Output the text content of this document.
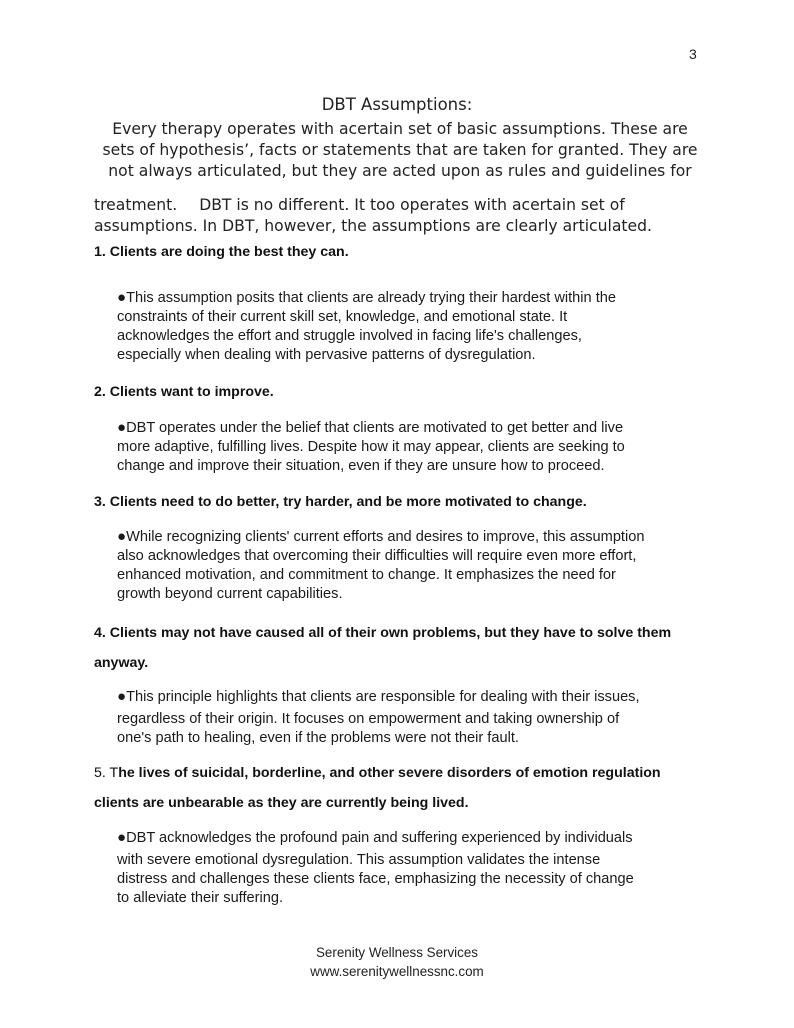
3
DBT Assumptions:
Every therapy operates with acertain set of basic assumptions. These are
sets of hypothesis’, facts or statements that are taken for granted. They are
not always articulated, but they are acted upon as rules and guidelines for
treatment. DBT is no different. It too operates with acertain set of
assumptions. In DBT, however, the assumptions are clearly articulated.
1. Clients are doing the best they can.

●This assumption posits that clients are already trying their hardest within the

constraints of their current skill set, knowledge, and emotional state. It

acknowledges the effort and struggle involved in facing life's challenges,

especially when dealing with pervasive patterns of dysregulation.

2. Clients want to improve.

●DBT operates under the belief that clients are motivated to get better and live

more adaptive, fulfilling lives. Despite how it may appear, clients are seeking to

change and improve their situation, even if they are unsure how to proceed.

3. Clients need to do better, try harder, and be more motivated to change.

●While recognizing clients' current efforts and desires to improve, this assumption

also acknowledges that overcoming their difficulties will require even more effort,

enhanced motivation, and commitment to change. It emphasizes the need for

growth beyond current capabilities.

4. Clients may not have caused all of their own problems, but they have to solve them
anyway.

●This principle highlights that clients are responsible for dealing with their issues,

regardless of their origin. It focuses on empowerment and taking ownership of

one's path to healing, even if the problems were not their fault.

5. The lives of suicidal, borderline, and other severe disorders of emotion regulation
clients are unbearable as they are currently being lived.

●DBT acknowledges the profound pain and suffering experienced by individuals

with severe emotional dysregulation. This assumption validates the intense

distress and challenges these clients face, emphasizing the necessity of change

to alleviate their suffering.

Serenity Wellness Services
www.serenitywellnessnc.com
